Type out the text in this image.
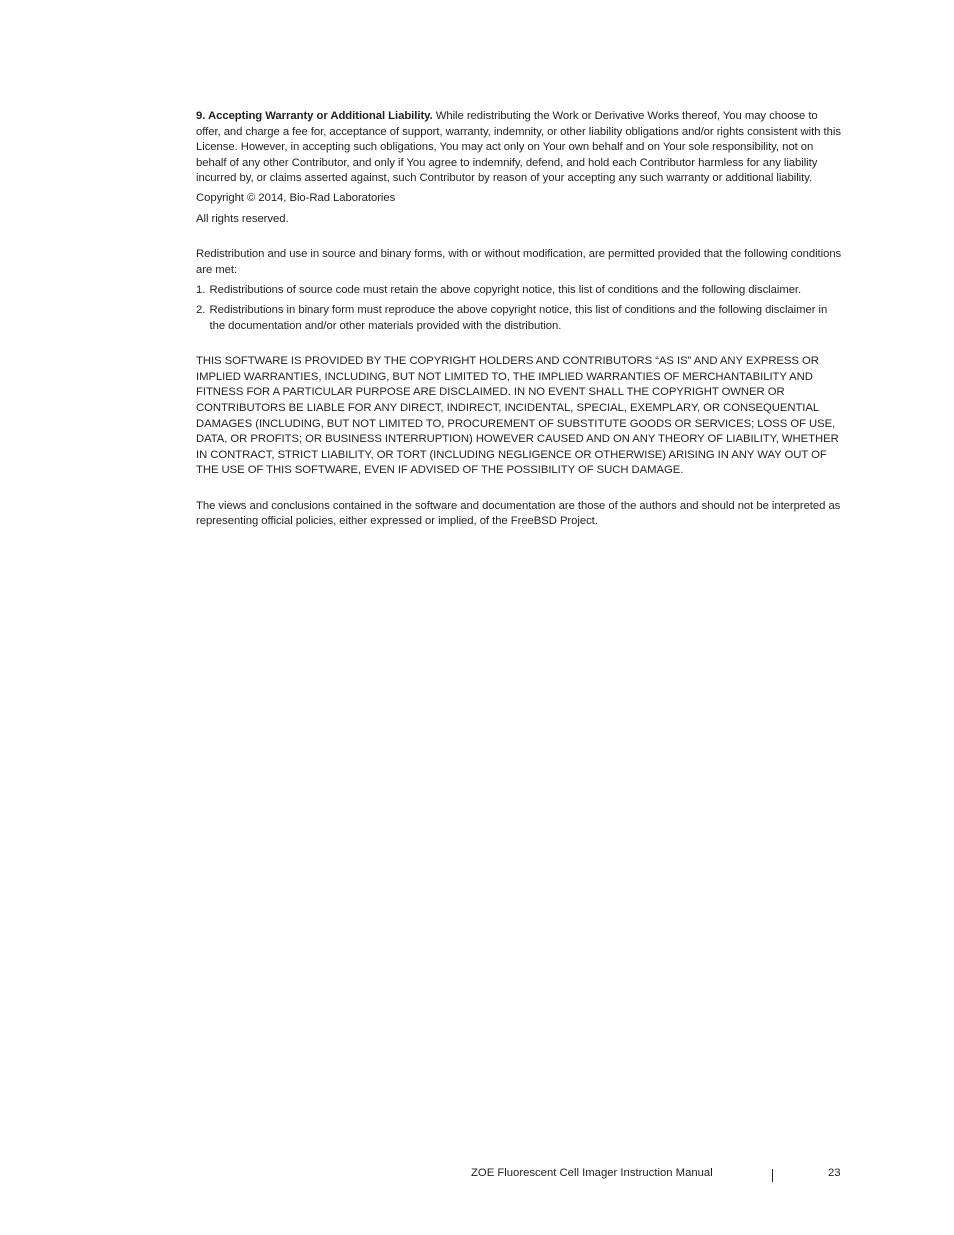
9. Accepting Warranty or Additional Liability. While redistributing the Work or Derivative Works thereof, You may choose to offer, and charge a fee for, acceptance of support, warranty, indemnity, or other liability obligations and/or rights consistent with this License. However, in accepting such obligations, You may act only on Your own behalf and on Your sole responsibility, not on behalf of any other Contributor, and only if You agree to indemnify, defend, and hold each Contributor harmless for any liability incurred by, or claims asserted against, such Contributor by reason of your accepting any such warranty or additional liability.

Copyright © 2014, Bio-Rad Laboratories

All rights reserved.

Redistribution and use in source and binary forms, with or without modification, are permitted provided that the following conditions are met:

1. Redistributions of source code must retain the above copyright notice, this list of conditions and the following disclaimer.
2. Redistributions in binary form must reproduce the above copyright notice, this list of conditions and the following disclaimer in the documentation and/or other materials provided with the distribution.

THIS SOFTWARE IS PROVIDED BY THE COPYRIGHT HOLDERS AND CONTRIBUTORS “AS IS” AND ANY EXPRESS OR IMPLIED WARRANTIES, INCLUDING, BUT NOT LIMITED TO, THE IMPLIED WARRANTIES OF MERCHANTABILITY AND FITNESS FOR A PARTICULAR PURPOSE ARE DISCLAIMED. IN NO EVENT SHALL THE COPYRIGHT OWNER OR CONTRIBUTORS BE LIABLE FOR ANY DIRECT, INDIRECT, INCIDENTAL, SPECIAL, EXEMPLARY, OR CONSEQUENTIAL DAMAGES (INCLUDING, BUT NOT LIMITED TO, PROCUREMENT OF SUBSTITUTE GOODS OR SERVICES; LOSS OF USE, DATA, OR PROFITS; OR BUSINESS INTERRUPTION) HOWEVER CAUSED AND ON ANY THEORY OF LIABILITY, WHETHER IN CONTRACT, STRICT LIABILITY, OR TORT (INCLUDING NEGLIGENCE OR OTHERWISE) ARISING IN ANY WAY OUT OF THE USE OF THIS SOFTWARE, EVEN IF ADVISED OF THE POSSIBILITY OF SUCH DAMAGE.

The views and conclusions contained in the software and documentation are those of the authors and should not be interpreted as representing official policies, either expressed or implied, of the FreeBSD Project.

ZOE Fluorescent Cell Imager Instruction Manual	23
